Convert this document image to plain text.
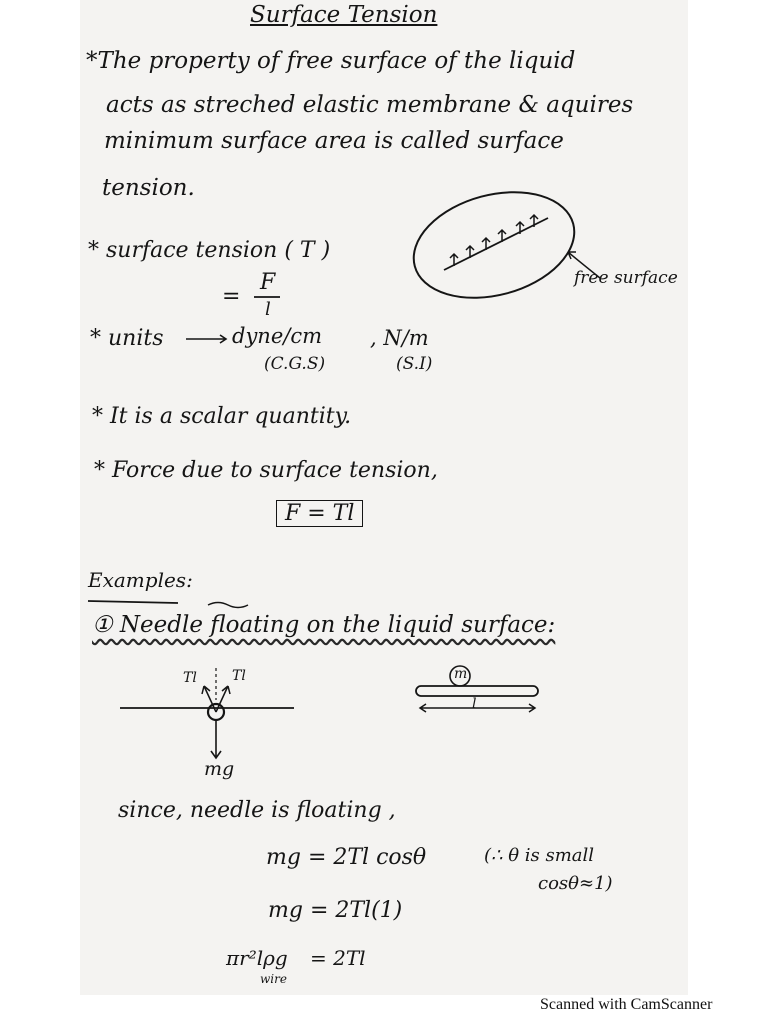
Surface Tension
*The property of free surface of the liquid
acts as streched elastic membrane & aquires
minimum surface area is called surface
tension.
* surface tension ( T )
=
F
l
free surface
* units	dyne/cm
(C.G.S)
, N/m
(S.I)
* It is a scalar quantity.
* Force due to surface tension,
F = Tl
Examples:
① Needle floating on the liquid surface:
Tl	Tl
mg
m
l
since, needle is floating ,
mg = 2Tl cosθ	(∴ θ is small
cosθ≈1)
mg = 2Tl(1)
πr²lρg
wire
= 2Tl
Scanned with CamScanner
